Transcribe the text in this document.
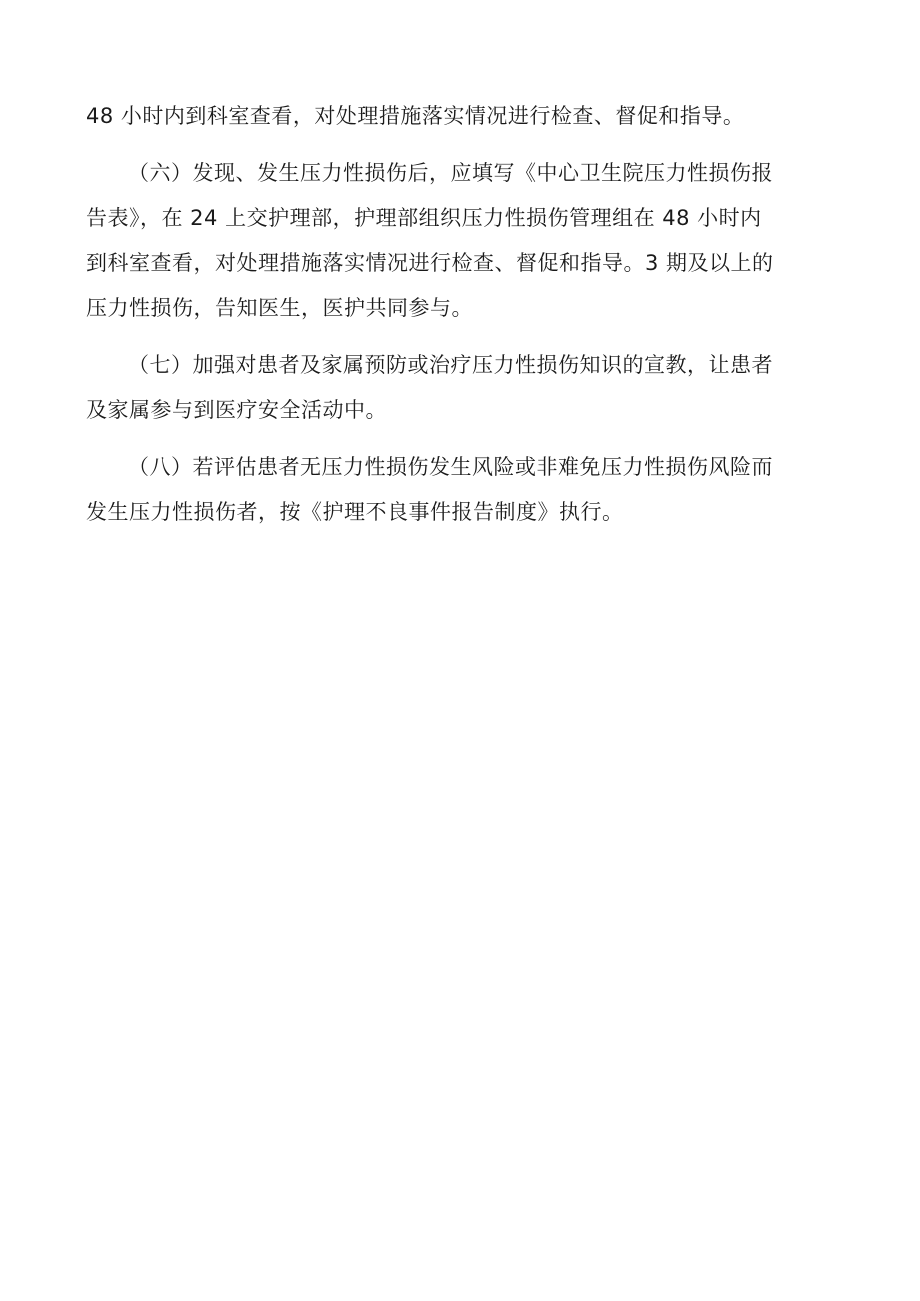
48 小时内到科室查看，对处理措施落实情况进行检查、督促和指导。
（六）发现、发生压力性损伤后，应填写《中心卫生院压力性损伤报
告表》，在 24 上交护理部，护理部组织压力性损伤管理组在 48 小时内
到科室查看，对处理措施落实情况进行检查、督促和指导。3 期及以上的
压力性损伤，告知医生，医护共同参与。
（七）加强对患者及家属预防或治疗压力性损伤知识的宣教，让患者
及家属参与到医疗安全活动中。
（八）若评估患者无压力性损伤发生风险或非难免压力性损伤风险而
发生压力性损伤者，按《护理不良事件报告制度》执行。
